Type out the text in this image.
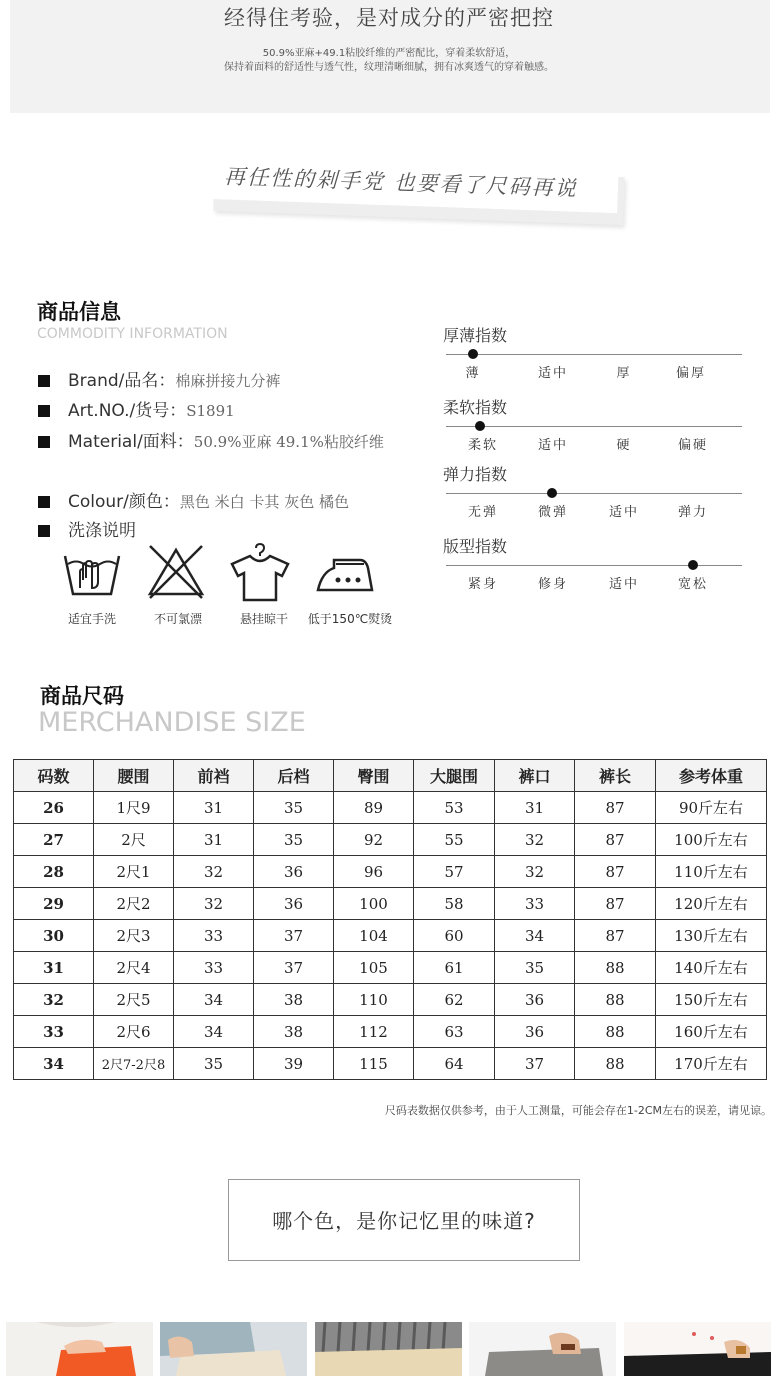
经得住考验，是对成分的严密把控
50.9%亚麻+49.1粘胶纤维的严密配比，穿着柔软舒适，
保持着面料的舒适性与透气性，纹理清晰细腻，拥有冰爽透气的穿着触感。
再任性的剁手党 也要看了尺码再说
商品信息
COMMODITY INFORMATION
Brand/品名：棉麻拼接九分裤
Art.NO./货号：S1891
Material/面料：50.9%亚麻 49.1%粘胶纤维
Colour/颜色：黑色 米白 卡其 灰色 橘色
洗涤说明
适宜手洗	不可氯漂	悬挂晾干	低于150℃熨烫
厚薄指数
薄	适中	厚	偏厚
柔软指数
柔软	适中	硬	偏硬
弹力指数
无弹	微弹	适中	弹力
版型指数
紧身	修身	适中	宽松
商品尺码
MERCHANDISE SIZE
码数	腰围	前裆	后档	臀围	大腿围	裤口	裤长	参考体重
26	1尺9	31	35	89	53	31	87	90斤左右
27	2尺	31	35	92	55	32	87	100斤左右
28	2尺1	32	36	96	57	32	87	110斤左右
29	2尺2	32	36	100	58	33	87	120斤左右
30	2尺3	33	37	104	60	34	87	130斤左右
31	2尺4	33	37	105	61	35	88	140斤左右
32	2尺5	34	38	110	62	36	88	150斤左右
33	2尺6	34	38	112	63	36	88	160斤左右
34	2尺7-2尺8	35	39	115	64	37	88	170斤左右
尺码表数据仅供参考，由于人工测量，可能会存在1-2CM左右的误差，请见谅。
哪个色，是你记忆里的味道?
